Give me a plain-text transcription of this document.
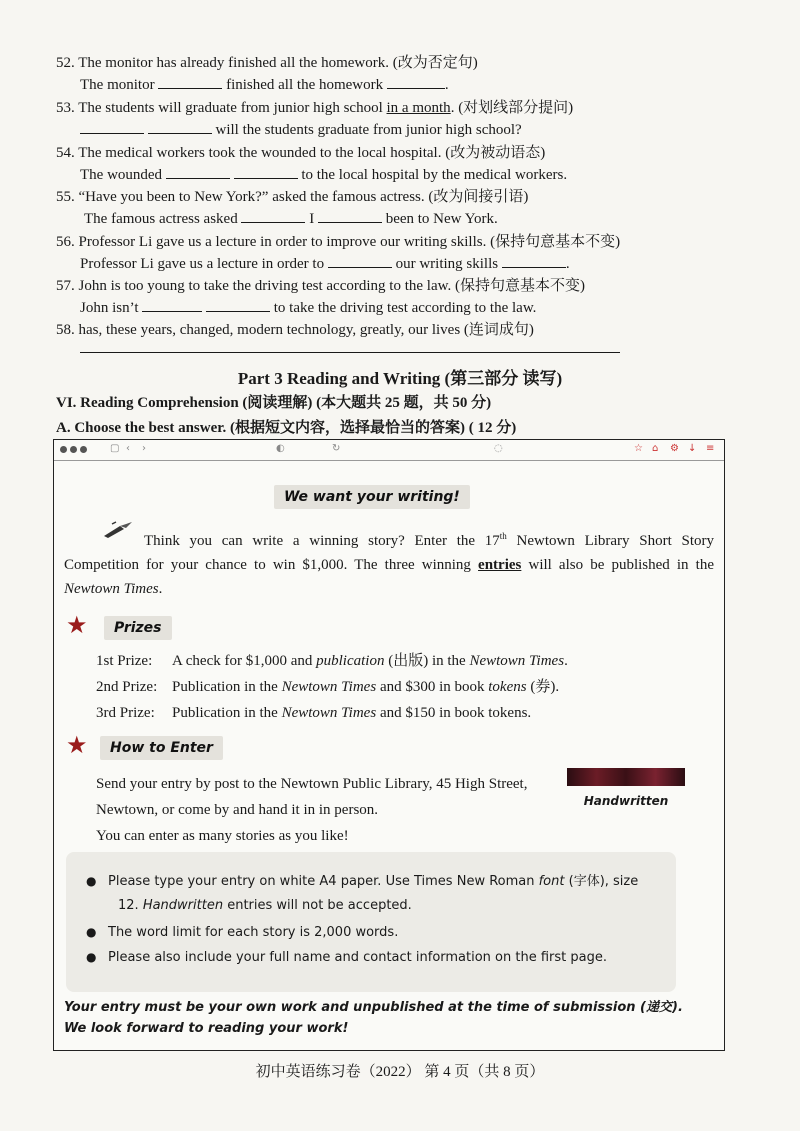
52. The monitor has already finished all the homework. (改为否定句)
The monitor	finished all the homework	.
53. The students will graduate from junior high school in a month. (对划线部分提问)
will the students graduate from junior high school?
54. The medical workers took the wounded to the local hospital. (改为被动语态)
The wounded	to the local hospital by the medical workers.
55. “Have you been to New York?” asked the famous actress. (改为间接引语)
The famous actress asked	I	been to New York.
56. Professor Li gave us a lecture in order to improve our writing skills. (保持句意基本不变)
Professor Li gave us a lecture in order to	our writing skills	.
57. John is too young to take the driving test according to the law. (保持句意基本不变)
John isn’t	to take the driving test according to the law.
58. has, these years, changed, modern technology, greatly, our lives (连词成句)
Part 3 Reading and Writing (第三部分 读写)
VI. Reading Comprehension (阅读理解) (本大题共 25 题，共 50 分)
A. Choose the best answer. (根据短文内容，选择最恰当的答案) ( 12 分)
▢ ‹ ›	◐	↻	◌	☆ ⌂ ⚙ ↓ ≡
We want your writing!
Think you can write a winning story? Enter the 17th Newtown Library Short Story Competition for your chance to win $1,000. The three winning entries will also be published in the Newtown Times.
★	Prizes
1st Prize: A check for $1,000 and publication (出版) in the Newtown Times.
2nd Prize: Publication in the Newtown Times and $300 in book tokens (券).
3rd Prize: Publication in the Newtown Times and $150 in book tokens.
★	How to Enter
Send your entry by post to the Newtown Public Library, 45 High Street,
Newtown, or come by and hand it in in person.
You can enter as many stories as you like!
Handwritten
● Please type your entry on white A4 paper. Use Times New Roman font (字体), size
12. Handwritten entries will not be accepted.
● The word limit for each story is 2,000 words.
● Please also include your full name and contact information on the first page.
Your entry must be your own work and unpublished at the time of submission (递交).
We look forward to reading your work!
初中英语练习卷（2022） 第 4 页（共 8 页）
